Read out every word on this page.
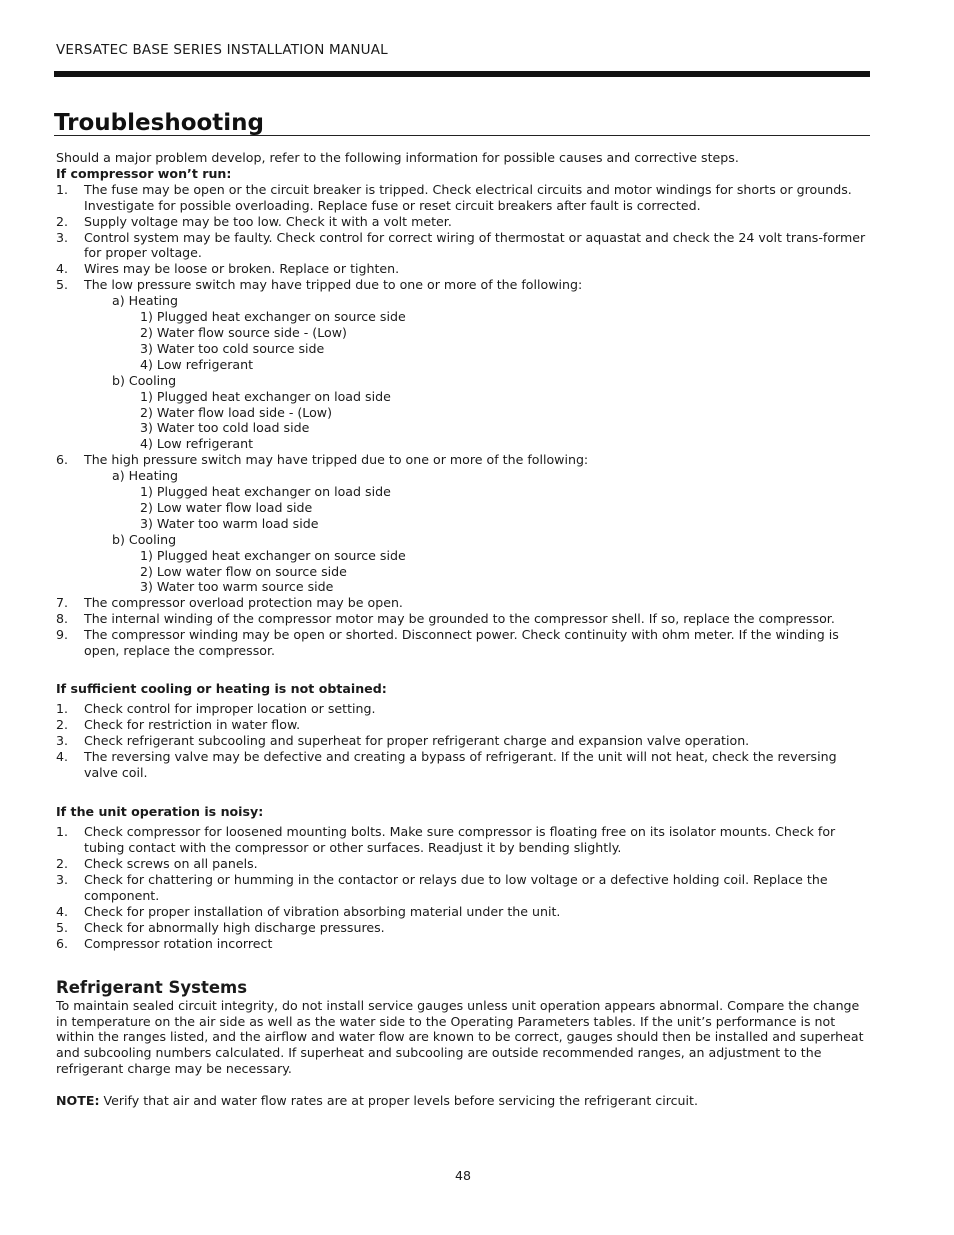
VERSATEC BASE SERIES INSTALLATION MANUAL
Troubleshooting

Should a major problem develop, refer to the following information for possible causes and corrective steps.

If compressor won’t run:

1.	The fuse may be open or the circuit breaker is tripped. Check electrical circuits and motor windings for shorts or grounds. Investigate for possible overloading. Replace fuse or reset circuit breakers after fault is corrected.
2.	Supply voltage may be too low. Check it with a volt meter.
3.	Control system may be faulty. Check control for correct wiring of thermostat or aquastat and check the 24 volt trans-former for proper voltage.
4.	Wires may be loose or broken. Replace or tighten.
5.	The low pressure switch may have tripped due to one or more of the following:
a) Heating
1) Plugged heat exchanger on source side
2) Water flow source side - (Low)
3) Water too cold source side
4) Low refrigerant
b) Cooling
1) Plugged heat exchanger on load side
2) Water flow load side - (Low)
3) Water too cold load side
4) Low refrigerant
6.	The high pressure switch may have tripped due to one or more of the following:
a) Heating
1) Plugged heat exchanger on load side
2) Low water flow load side
3) Water too warm load side
b) Cooling
1) Plugged heat exchanger on source side
2) Low water flow on source side
3) Water too warm source side
7.	The compressor overload protection may be open.
8.	The internal winding of the compressor motor may be grounded to the compressor shell. If so, replace the compressor.
9.	The compressor winding may be open or shorted. Disconnect power. Check continuity with ohm meter. If the winding is open, replace the compressor.

If sufficient cooling or heating is not obtained:

1.	Check control for improper location or setting.
2.	Check for restriction in water flow.
3.	Check refrigerant subcooling and superheat for proper refrigerant charge and expansion valve operation.
4.	The reversing valve may be defective and creating a bypass of refrigerant. If the unit will not heat, check the reversing valve coil.

If the unit operation is noisy:

1.	Check compressor for loosened mounting bolts. Make sure compressor is floating free on its isolator mounts. Check for tubing contact with the compressor or other surfaces. Readjust it by bending slightly.
2.	Check screws on all panels.
3.	Check for chattering or humming in the contactor or relays due to low voltage or a defective holding coil. Replace the component.
4.	Check for proper installation of vibration absorbing material under the unit.
5.	Check for abnormally high discharge pressures.
6.	Compressor rotation incorrect
Refrigerant Systems

To maintain sealed circuit integrity, do not install service gauges unless unit operation appears abnormal. Compare the change in temperature on the air side as well as the water side to the Operating Parameters tables. If the unit’s performance is not within the ranges listed, and the airflow and water flow are known to be correct, gauges should then be installed and superheat and subcooling numbers calculated. If superheat and subcooling are outside recommended ranges, an adjustment to the refrigerant charge may be necessary.

NOTE: Verify that air and water flow rates are at proper levels before servicing the refrigerant circuit.

48
